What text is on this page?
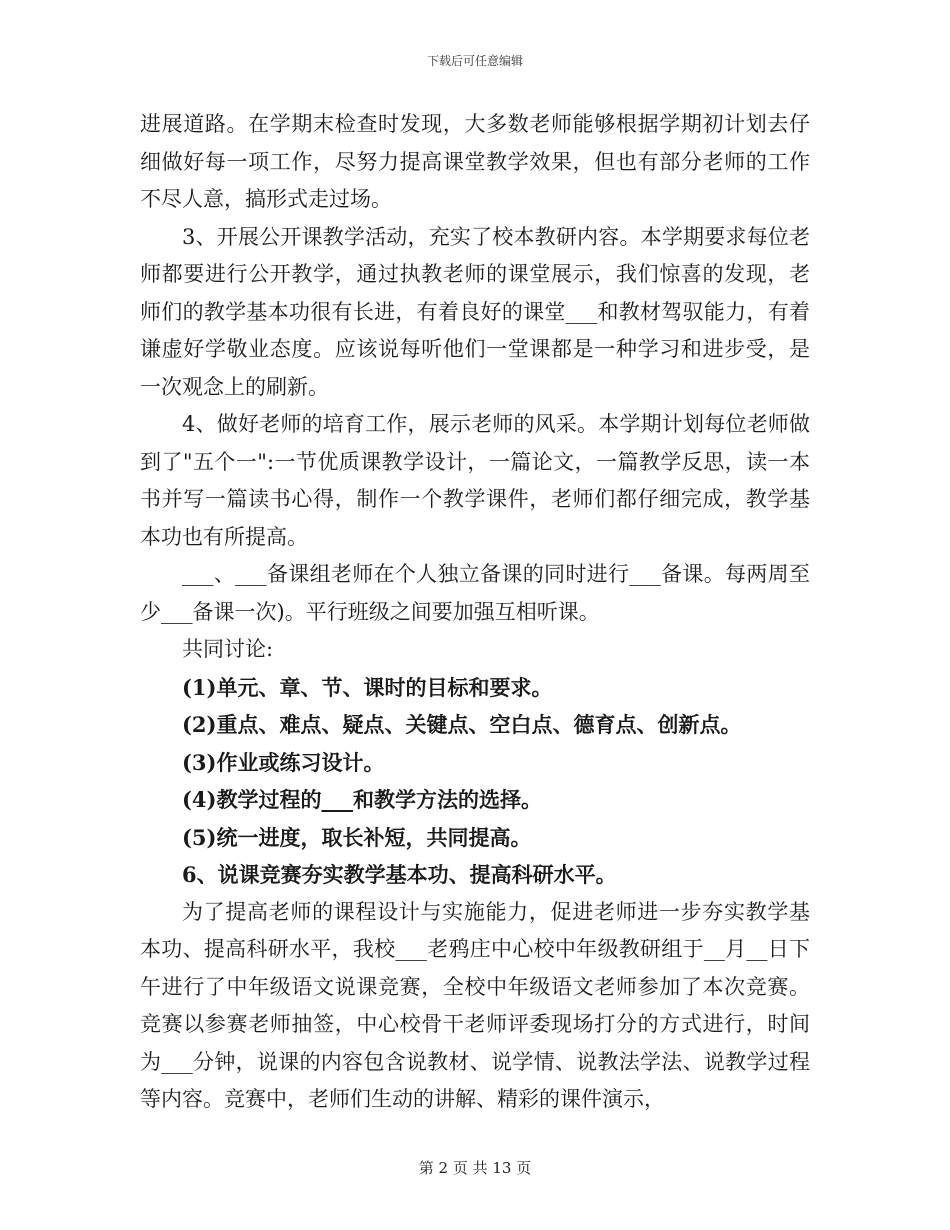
下载后可任意编辑

进展道路。在学期末检查时发现，大多数老师能够根据学期初计划去仔细做好每一项工作，尽努力提高课堂教学效果，但也有部分老师的工作不尽人意，搞形式走过场。

3、开展公开课教学活动，充实了校本教研内容。本学期要求每位老师都要进行公开教学，通过执教老师的课堂展示，我们惊喜的发现，老师们的教学基本功很有长进，有着良好的课堂___和教材驾驭能力，有着谦虚好学敬业态度。应该说每听他们一堂课都是一种学习和进步受，是一次观念上的刷新。

4、做好老师的培育工作，展示老师的风采。本学期计划每位老师做到了"五个一":一节优质课教学设计，一篇论文，一篇教学反思，读一本书并写一篇读书心得，制作一个教学课件，老师们都仔细完成，教学基本功也有所提高。

___、___备课组老师在个人独立备课的同时进行___备课。每两周至少___备课一次)。平行班级之间要加强互相听课。

共同讨论:

(1)单元、章、节、课时的目标和要求。

(2)重点、难点、疑点、关键点、空白点、德育点、创新点。

(3)作业或练习设计。

(4)教学过程的___和教学方法的选择。

(5)统一进度，取长补短，共同提高。

6、说课竞赛夯实教学基本功、提高科研水平。

为了提高老师的课程设计与实施能力，促进老师进一步夯实教学基本功、提高科研水平，我校___老鸦庄中心校中年级教研组于__月__日下午进行了中年级语文说课竞赛，全校中年级语文老师参加了本次竞赛。竞赛以参赛老师抽签，中心校骨干老师评委现场打分的方式进行，时间为___分钟，说课的内容包含说教材、说学情、说教法学法、说教学过程等内容。竞赛中，老师们生动的讲解、精彩的课件演示，

第 2 页 共 13 页
